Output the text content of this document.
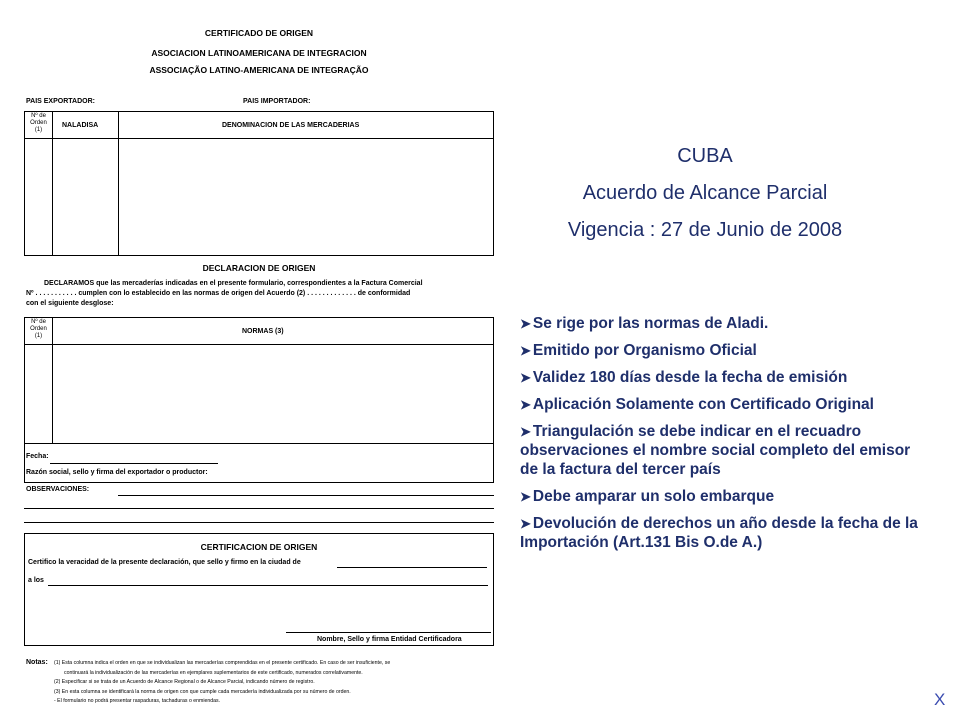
CERTIFICADO DE ORIGEN
ASOCIACION LATINOAMERICANA DE INTEGRACION
ASSOCIAÇÃO LATINO-AMERICANA DE INTEGRAÇÃO
PAIS EXPORTADOR:	PAIS IMPORTADOR:
Nº de
Orden
(1)
NALADISA	DENOMINACION DE LAS MERCADERIAS
DECLARACION DE ORIGEN
DECLARAMOS que las mercaderías indicadas en el presente formulario, correspondientes a la Factura Comercial
Nº . . . . . . . . . . . cumplen con lo establecido en las normas de origen del Acuerdo (2) . . . . . . . . . . . . . de conformidad
con el siguiente desglose:
Nº de
Orden
(1)
NORMAS (3)
Fecha:
Razón social, sello y firma del exportador o productor:
OBSERVACIONES:
CERTIFICACION DE ORIGEN
Certifico la veracidad de la presente declaración, que sello y firmo en la ciudad de
a los
Nombre, Sello y firma Entidad Certificadora
Notas: (1) Esta columna indica el orden en que se individualizan las mercaderías comprendidas en el presente certificado. En caso de ser insuficiente, se
continuará la individualización de las mercaderías en ejemplares suplementarios de este certificado, numerados correlativamente.
(2) Especificar si se trata de un Acuerdo de Alcance Regional o de Alcance Parcial, indicando número de registro.
(3) En esta columna se identificará la norma de origen con que cumple cada mercadería individualizada por su número de orden.
- El formulario no podrá presentar raspaduras, tachaduras o enmiendas.
CUBA
Acuerdo de Alcance Parcial
Vigencia : 27 de Junio de 2008
➤ Se rige por las normas de Aladi.
➤ Emitido por Organismo Oficial
➤ Validez 180 días desde la fecha de emisión
➤ Aplicación Solamente con Certificado Original
➤ Triangulación se debe indicar en el recuadro observaciones el nombre social completo del emisor de la factura del tercer país
➤ Debe amparar un solo embarque
➤ Devolución de derechos un año desde la fecha de la Importación (Art.131 Bis O.de A.)
X
